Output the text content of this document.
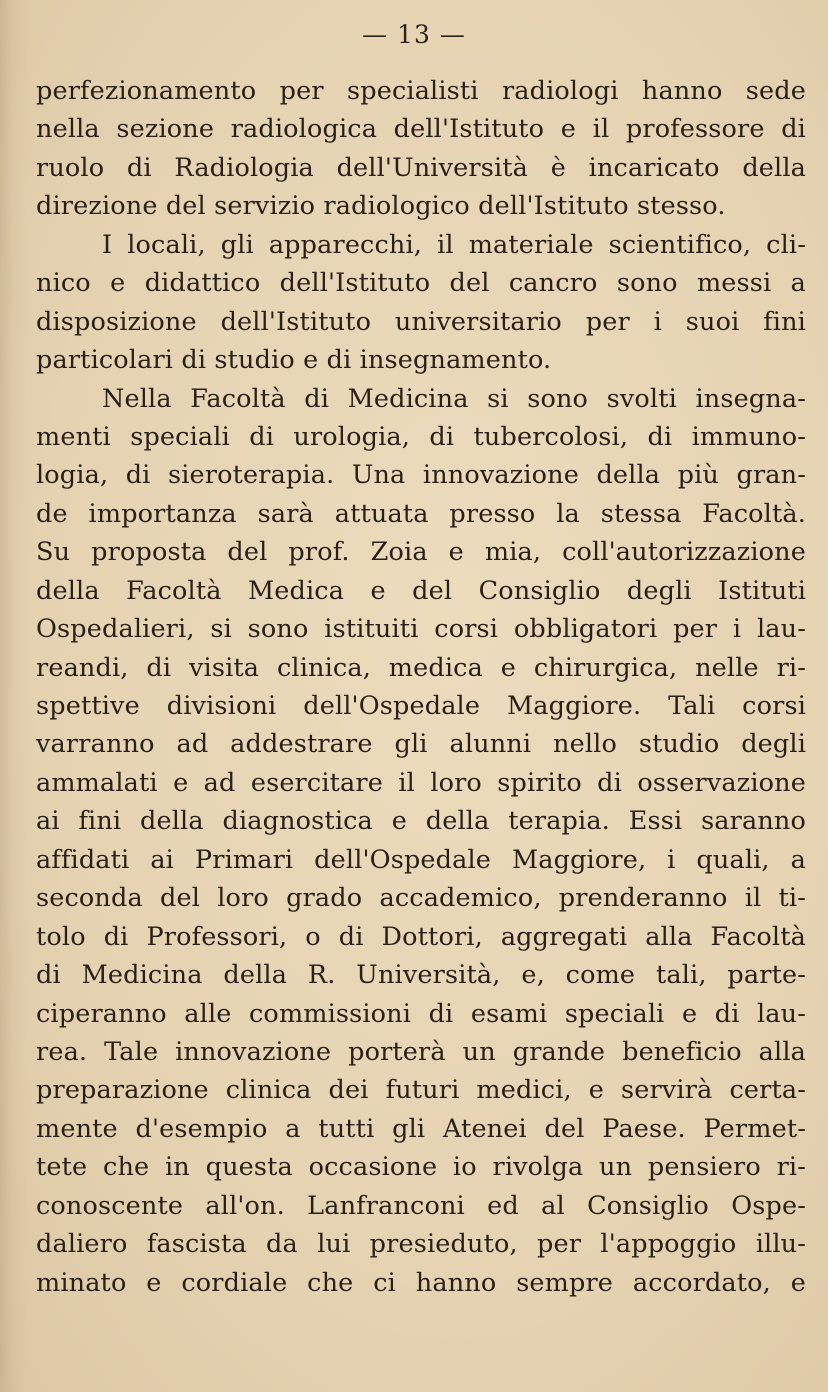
— 13 —
perfezionamento per specialisti radiologi hanno sede
nella sezione radiologica dell'Istituto e il professore di
ruolo di Radiologia dell'Università è incaricato della
direzione del servizio radiologico dell'Istituto stesso.
I locali, gli apparecchi, il materiale scientifico, cli-
nico e didattico dell'Istituto del cancro sono messi a
disposizione dell'Istituto universitario per i suoi fini
particolari di studio e di insegnamento.
Nella Facoltà di Medicina si sono svolti insegna-
menti speciali di urologia, di tubercolosi, di immuno-
logia, di sieroterapia. Una innovazione della più gran-
de importanza sarà attuata presso la stessa Facoltà.
Su proposta del prof. Zoia e mia, coll'autorizzazione
della Facoltà Medica e del Consiglio degli Istituti
Ospedalieri, si sono istituiti corsi obbligatori per i lau-
reandi, di visita clinica, medica e chirurgica, nelle ri-
spettive divisioni dell'Ospedale Maggiore. Tali corsi
varranno ad addestrare gli alunni nello studio degli
ammalati e ad esercitare il loro spirito di osservazione
ai fini della diagnostica e della terapia. Essi saranno
affidati ai Primari dell'Ospedale Maggiore, i quali, a
seconda del loro grado accademico, prenderanno il ti-
tolo di Professori, o di Dottori, aggregati alla Facoltà
di Medicina della R. Università, e, come tali, parte-
ciperanno alle commissioni di esami speciali e di lau-
rea. Tale innovazione porterà un grande beneficio alla
preparazione clinica dei futuri medici, e servirà certa-
mente d'esempio a tutti gli Atenei del Paese. Permet-
tete che in questa occasione io rivolga un pensiero ri-
conoscente all'on. Lanfranconi ed al Consiglio Ospe-
daliero fascista da lui presieduto, per l'appoggio illu-
minato e cordiale che ci hanno sempre accordato, e
